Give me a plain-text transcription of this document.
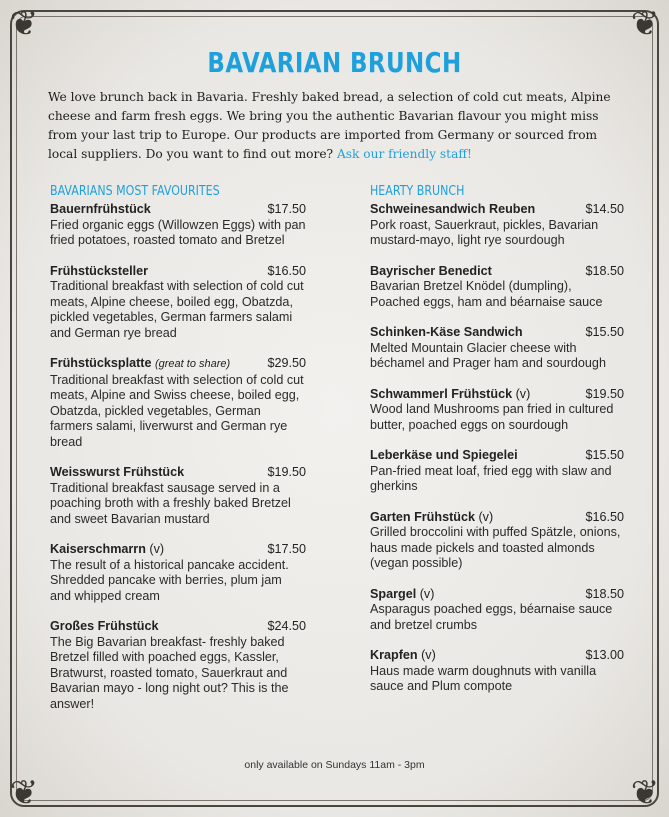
❦	❦
❦	❦
BAVARIAN BRUNCH
We love brunch back in Bavaria. Freshly baked bread, a selection of cold cut meats, Alpine cheese and farm fresh eggs. We bring you the authentic Bavarian flavour you might miss from your last trip to Europe. Our products are imported from Germany or sourced from local suppliers. Do you want to find out more? Ask our friendly staff!
BAVARIANS MOST FAVOURITES
Bauernfrühstück	$17.50
Fried organic eggs (Willowzen Eggs) with pan fried potatoes, roasted tomato and Bretzel
Frühstücksteller	$16.50
Traditional breakfast with selection of cold cut meats, Alpine cheese, boiled egg, Obatzda, pickled vegetables, German farmers salami and German rye bread
Frühstücksplatte (great to share)	$29.50
Traditional breakfast with selection of cold cut meats, Alpine and Swiss cheese, boiled egg, Obatzda, pickled vegetables, German farmers salami, liverwurst and German rye bread
Weisswurst Frühstück	$19.50
Traditional breakfast sausage served in a poaching broth with a freshly baked Bretzel and sweet Bavarian mustard
Kaiserschmarrn (v)	$17.50
The result of a historical pancake accident. Shredded pancake with berries, plum jam and whipped cream
Großes Frühstück	$24.50
The Big Bavarian breakfast- freshly baked Bretzel filled with poached eggs, Kassler, Bratwurst, roasted tomato, Sauerkraut and Bavarian mayo - long night out? This is the answer!
HEARTY BRUNCH
Schweinesandwich Reuben	$14.50
Pork roast, Sauerkraut, pickles, Bavarian mustard-mayo, light rye sourdough
Bayrischer Benedict	$18.50
Bavarian Bretzel Knödel (dumpling), Poached eggs, ham and béarnaise sauce
Schinken-Käse Sandwich	$15.50
Melted Mountain Glacier cheese with béchamel and Prager ham and sourdough
Schwammerl Frühstück (v)	$19.50
Wood land Mushrooms pan fried in cultured butter, poached eggs on sourdough
Leberkäse und Spiegelei	$15.50
Pan-fried meat loaf, fried egg with slaw and gherkins
Garten Frühstück (v)	$16.50
Grilled broccolini with puffed Spätzle, onions, haus made pickels and toasted almonds (vegan possible)
Spargel (v)	$18.50
Asparagus poached eggs, béarnaise sauce and bretzel crumbs
Krapfen (v)	$13.00
Haus made warm doughnuts with vanilla sauce and Plum compote
only available on Sundays 11am - 3pm
